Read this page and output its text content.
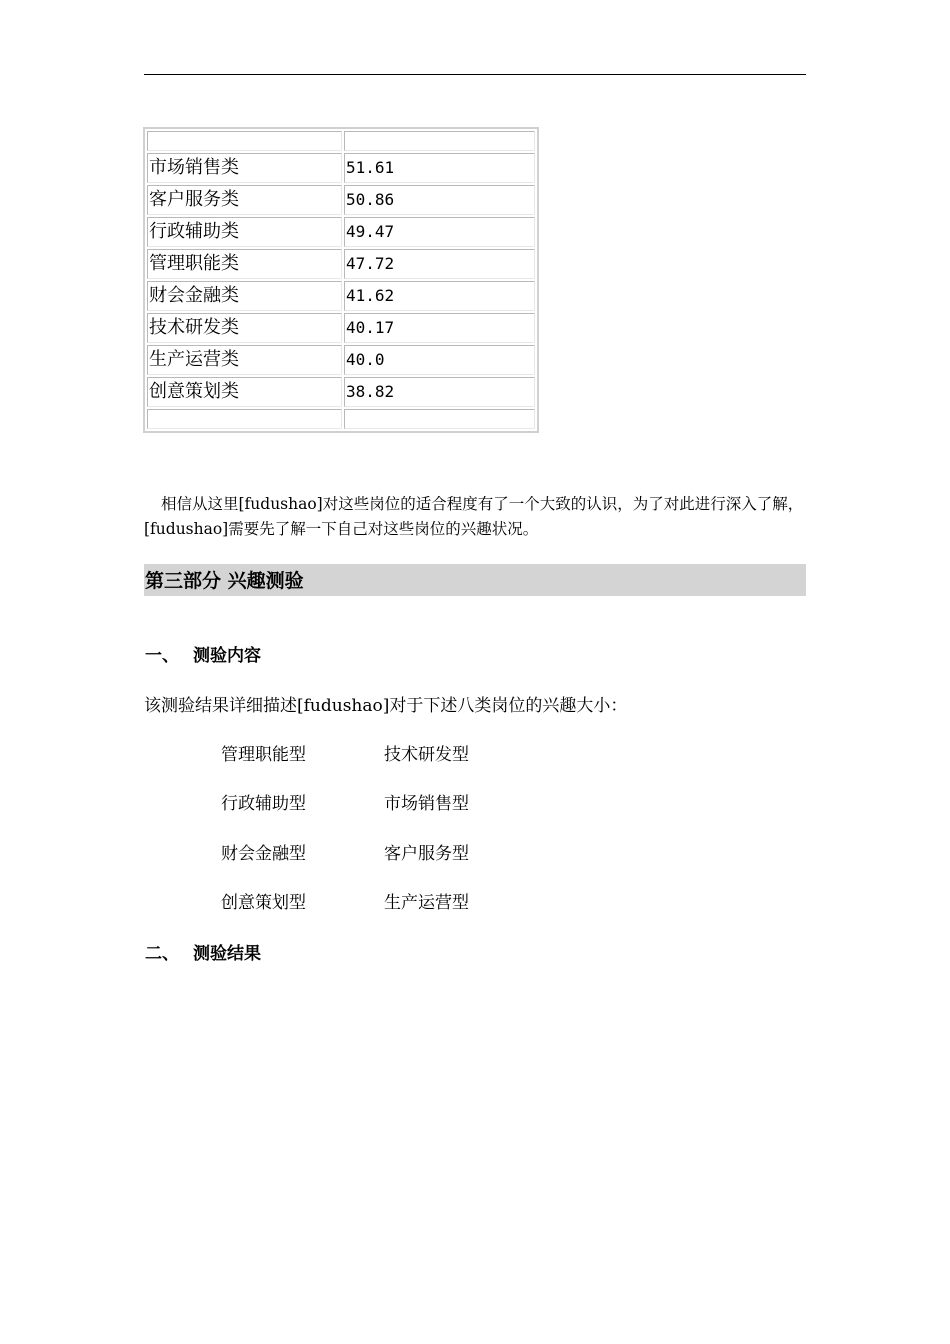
市场销售类	51.61
客户服务类	50.86
行政辅助类	49.47
管理职能类	47.72
财会金融类	41.62
技术研发类	40.17
生产运营类	40.0
创意策划类	38.82

相信从这里[fudushao]对这些岗位的适合程度有了一个大致的认识，为了对此进行深入了解，[fudushao]需要先了解一下自己对这些岗位的兴趣状况。

第三部分 兴趣测验
一、 测验内容
该测验结果详细描述[fudushao]对于下述八类岗位的兴趣大小：
管理职能型	技术研发型
行政辅助型	市场销售型
财会金融型	客户服务型
创意策划型	生产运营型
二、 测验结果
